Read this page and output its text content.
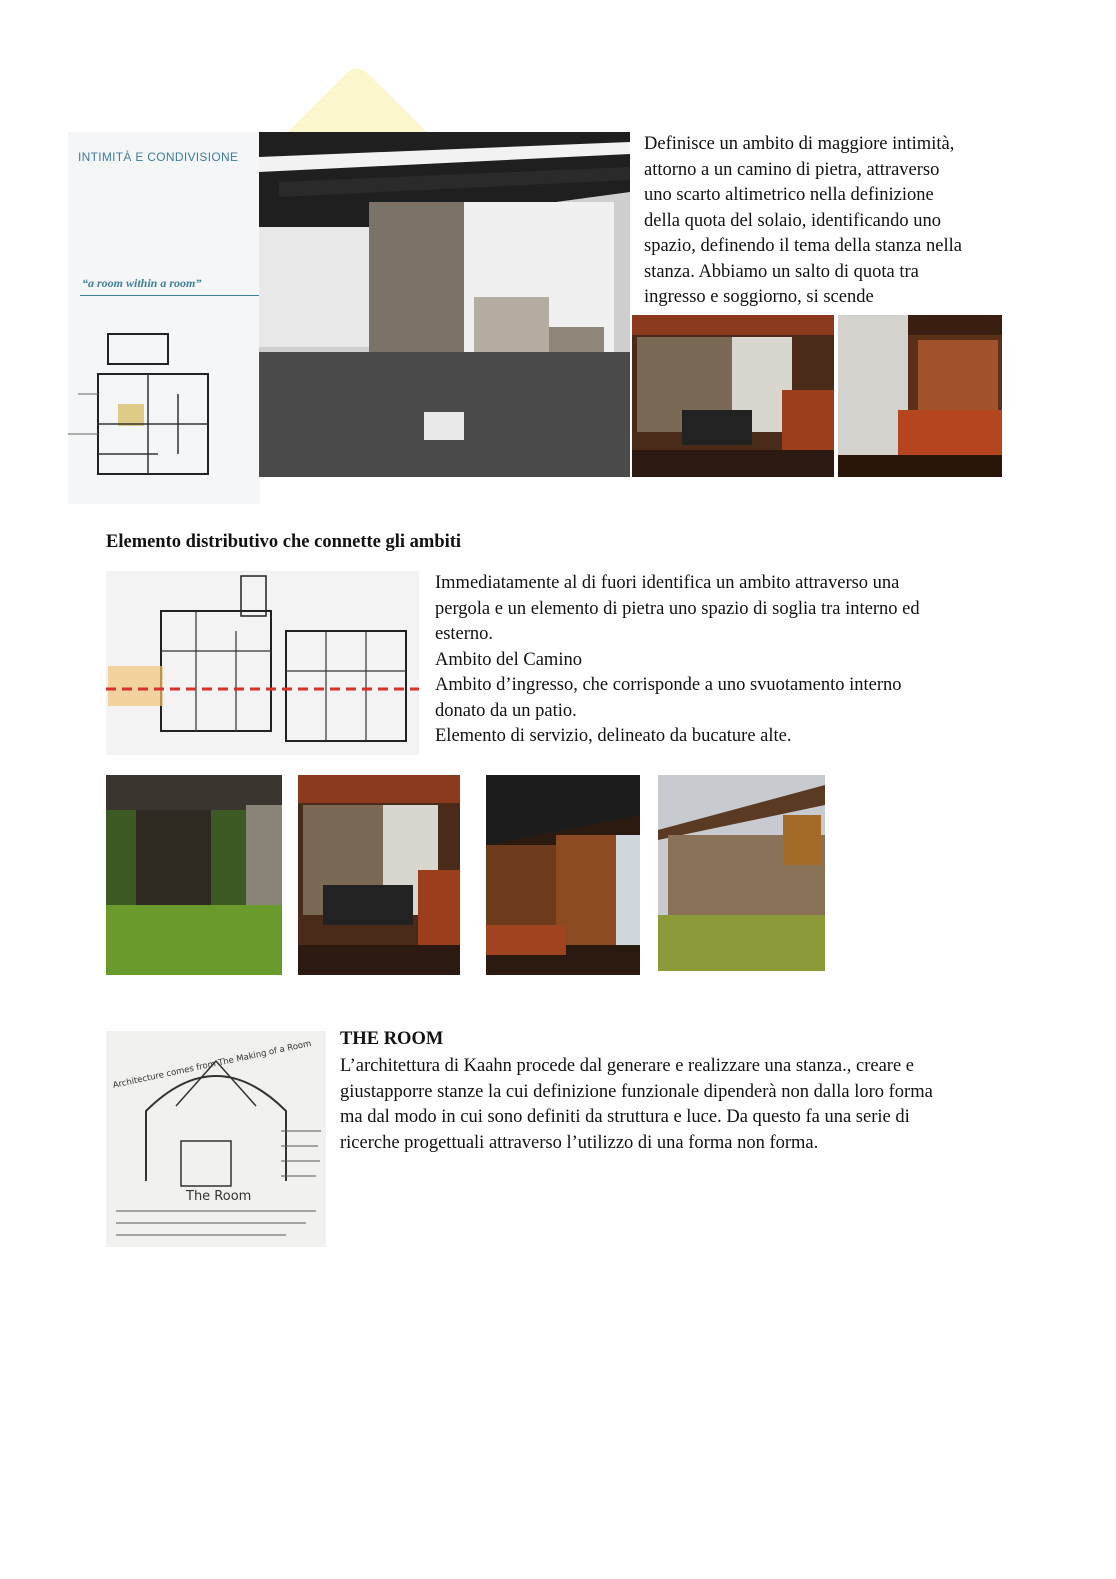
INTIMITÀ E CONDIVISIONE
“a room within a room”

Definisce un ambito di maggiore intimità,
attorno a un camino di pietra, attraverso
uno scarto altimetrico nella definizione
della quota del solaio, identificando uno
spazio, definendo il tema della stanza nella
stanza. Abbiamo un salto di quota tra
ingresso e soggiorno, si scende

Elemento distributivo che connette gli ambiti

Immediatamente al di fuori identifica un ambito attraverso una
pergola e un elemento di pietra uno spazio di soglia tra interno ed
esterno.
Ambito del Camino
Ambito d’ingresso, che corrisponde a uno svuotamento interno
donato da un patio.
Elemento di servizio, delineato da bucature alte.

Architecture comes from The Making of a Room
The Room
THE ROOM

L’architettura di Kaahn procede dal generare e realizzare una stanza., creare e
giustapporre stanze la cui definizione funzionale dipenderà non dalla loro forma
ma dal modo in cui sono definiti da struttura e luce. Da questo fa una serie di
ricerche progettuali attraverso l’utilizzo di una forma non forma.
